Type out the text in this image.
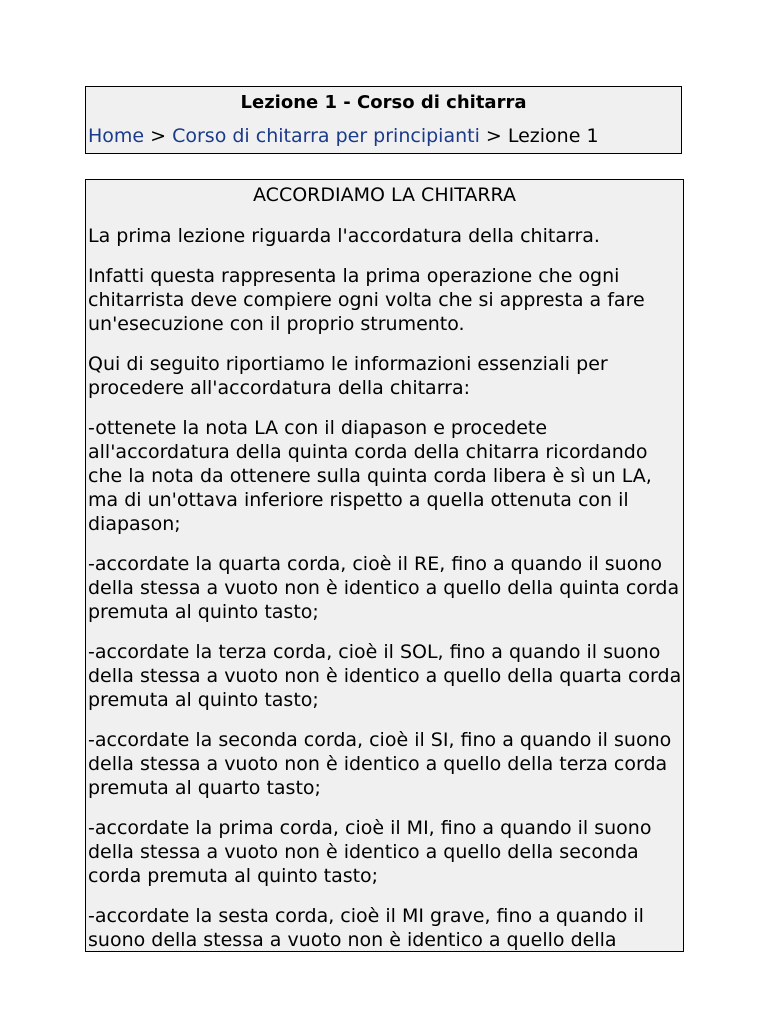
Lezione 1 - Corso di chitarra
Home > Corso di chitarra per principianti > Lezione 1
ACCORDIAMO LA CHITARRA

La prima lezione riguarda l'accordatura della chitarra.

Infatti questa rappresenta la prima operazione che ogni chitarrista deve compiere ogni volta che si appresta a fare un'esecuzione con il proprio strumento.

Qui di seguito riportiamo le informazioni essenziali per procedere all'accordatura della chitarra:

-ottenete la nota LA con il diapason e procedete all'accordatura della quinta corda della chitarra ricordando che la nota da ottenere sulla quinta corda libera è sì un LA, ma di un'ottava inferiore rispetto a quella ottenuta con il diapason;

-accordate la quarta corda, cioè il RE, fino a quando il suono della stessa a vuoto non è identico a quello della quinta corda premuta al quinto tasto;

-accordate la terza corda, cioè il SOL, fino a quando il suono della stessa a vuoto non è identico a quello della quarta corda premuta al quinto tasto;

-accordate la seconda corda, cioè il SI, fino a quando il suono della stessa a vuoto non è identico a quello della terza corda premuta al quarto tasto;

-accordate la prima corda, cioè il MI, fino a quando il suono della stessa a vuoto non è identico a quello della seconda corda premuta al quinto tasto;

-accordate la sesta corda, cioè il MI grave, fino a quando il suono della stessa a vuoto non è identico a quello della
